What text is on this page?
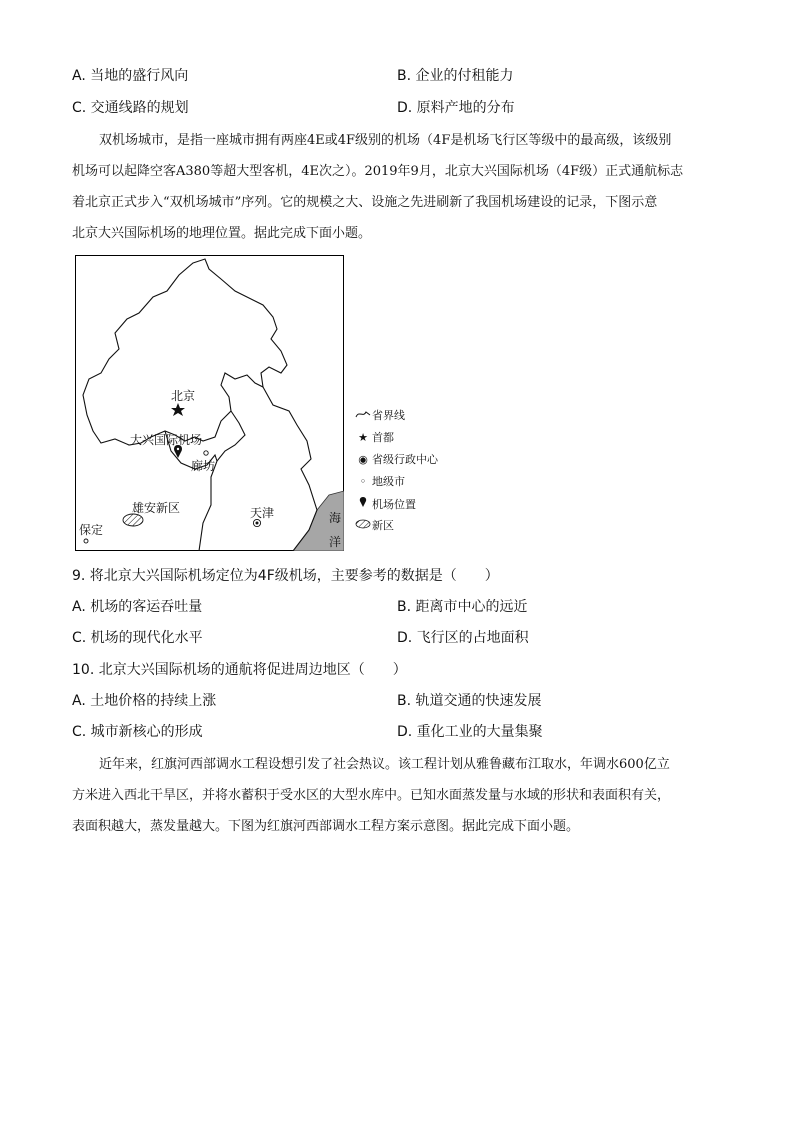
A. 当地的盛行风向	B. 企业的付租能力
C. 交通线路的规划	D. 原料产地的分布
双机场城市，是指一座城市拥有两座4E或4F级别的机场（4F是机场飞行区等级中的最高级，该级别
机场可以起降空客A380等超大型客机，4E次之）。2019年9月，北京大兴国际机场（4F级）正式通航标志
着北京正式步入“双机场城市”序列。它的规模之大、设施之先进刷新了我国机场建设的记录，下图示意
北京大兴国际机场的地理位置。据此完成下面小题。
北京
大兴国际机场
廊坊
雄安新区	天津
保定
海
洋
省界线
★ 首都
◉ 省级行政中心
◦ 地级市
机场位置
新区
9. 将北京大兴国际机场定位为4F级机场，主要参考的数据是（　　）
A. 机场的客运吞吐量	B. 距离市中心的远近
C. 机场的现代化水平	D. 飞行区的占地面积
10. 北京大兴国际机场的通航将促进周边地区（　　）
A. 土地价格的持续上涨	B. 轨道交通的快速发展
C. 城市新核心的形成	D. 重化工业的大量集聚
近年来，红旗河西部调水工程设想引发了社会热议。该工程计划从雅鲁藏布江取水，年调水600亿立
方米进入西北干旱区，并将水蓄积于受水区的大型水库中。已知水面蒸发量与水域的形状和表面积有关，
表面积越大，蒸发量越大。下图为红旗河西部调水工程方案示意图。据此完成下面小题。
